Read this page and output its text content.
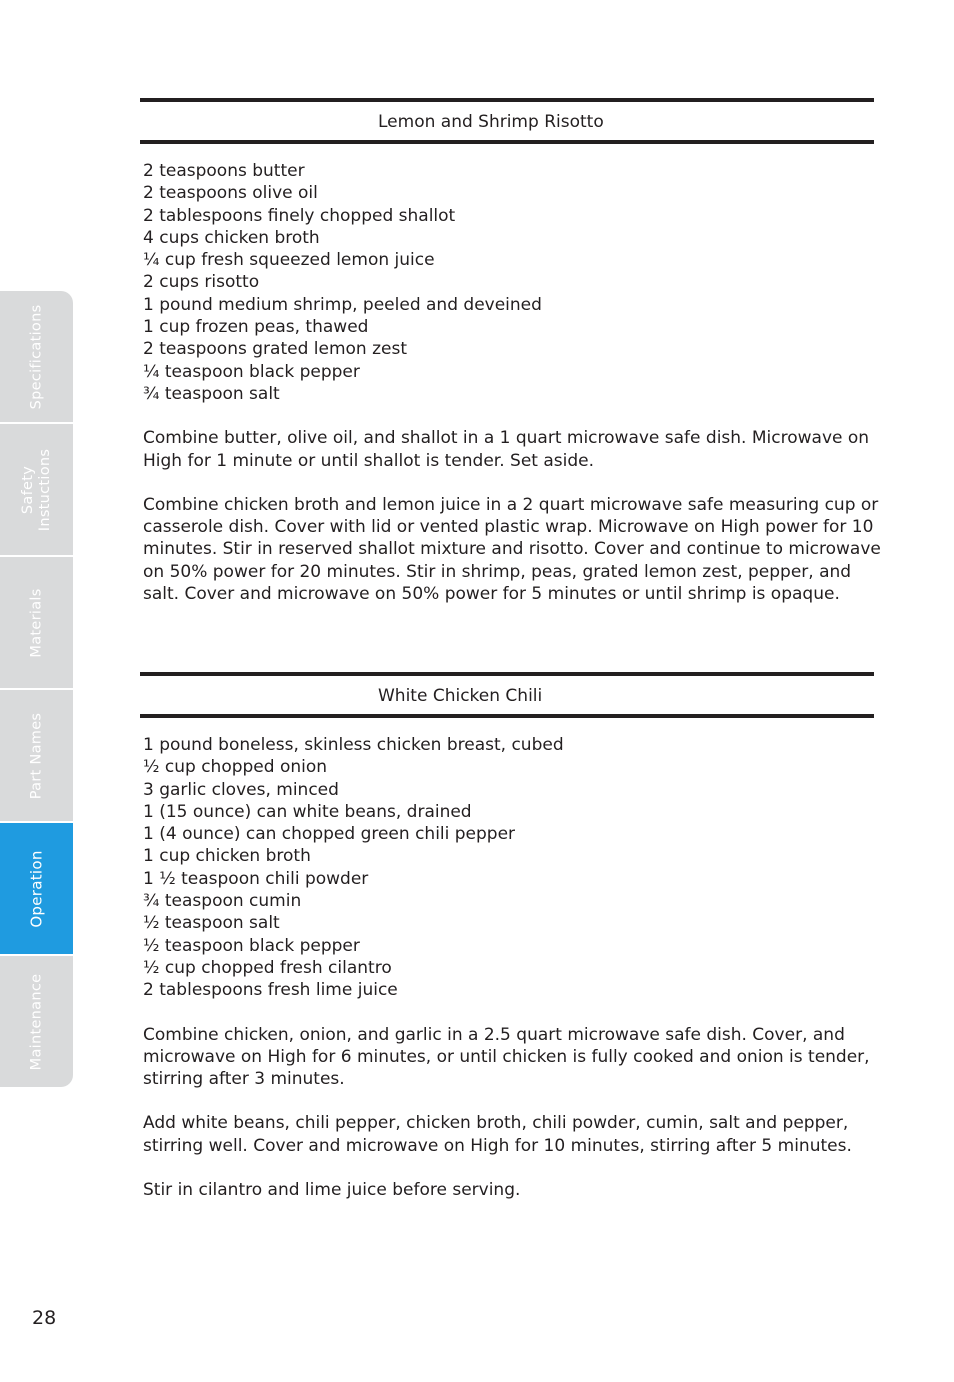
Specifications
Safety
Instuctions
Materials
Part Names
Operation
Maintenance
Lemon and Shrimp Risotto
2 teaspoons butter
2 teaspoons olive oil
2 tablespoons finely chopped shallot
4 cups chicken broth
¼ cup fresh squeezed lemon juice
2 cups risotto
1 pound medium shrimp, peeled and deveined
1 cup frozen peas, thawed
2 teaspoons grated lemon zest
¼ teaspoon black pepper
¾ teaspoon salt

Combine butter, olive oil, and shallot in a 1 quart microwave safe dish. Microwave on High for 1 minute or until shallot is tender. Set aside.

Combine chicken broth and lemon juice in a 2 quart microwave safe measuring cup or casserole dish. Cover with lid or vented plastic wrap. Microwave on High power for 10 minutes. Stir in reserved shallot mixture and risotto. Cover and continue to microwave on 50% power for 20 minutes. Stir in shrimp, peas, grated lemon zest, pepper, and salt. Cover and microwave on 50% power for 5 minutes or until shrimp is opaque.

White Chicken Chili
1 pound boneless, skinless chicken breast, cubed
½ cup chopped onion
3 garlic cloves, minced
1 (15 ounce) can white beans, drained
1 (4 ounce) can chopped green chili pepper
1 cup chicken broth
1 ½ teaspoon chili powder
¾ teaspoon cumin
½ teaspoon salt
½ teaspoon black pepper
½ cup chopped fresh cilantro
2 tablespoons fresh lime juice

Combine chicken, onion, and garlic in a 2.5 quart microwave safe dish. Cover, and microwave on High for 6 minutes, or until chicken is fully cooked and onion is tender, stirring after 3 minutes.

Add white beans, chili pepper, chicken broth, chili powder, cumin, salt and pepper, stirring well. Cover and microwave on High for 10 minutes, stirring after 5 minutes.

Stir in cilantro and lime juice before serving.

28
